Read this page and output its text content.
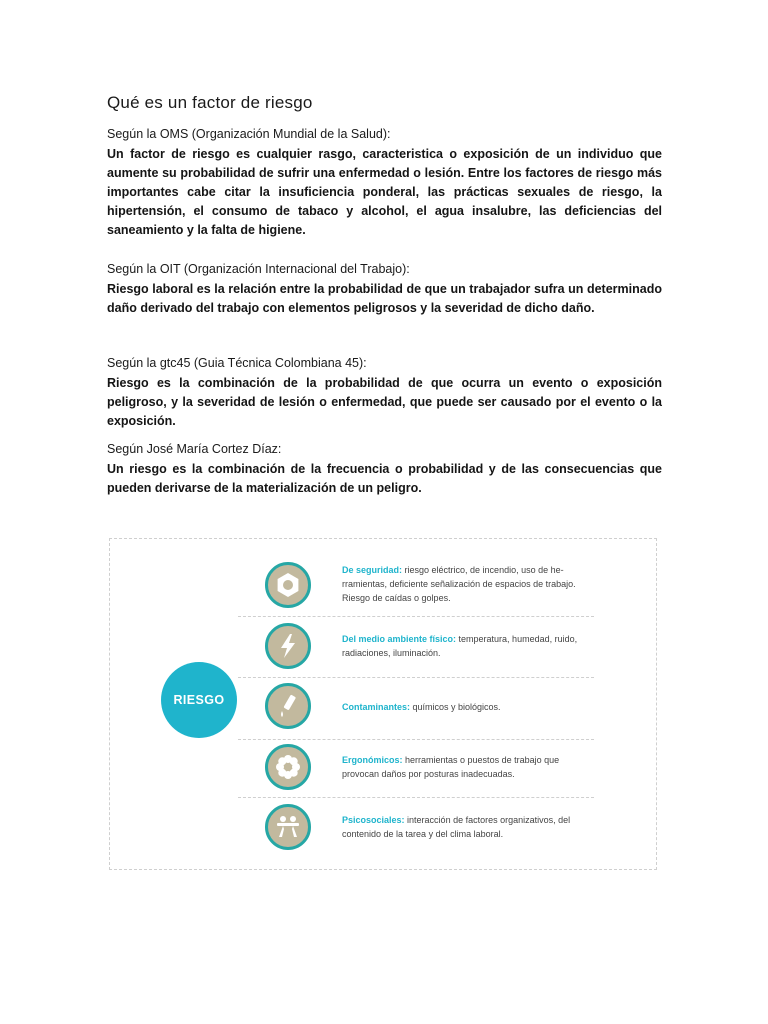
Qué es un factor de riesgo
Según la OMS (Organización Mundial de la Salud):
Un factor de riesgo es cualquier rasgo, caracteristica o exposición de un individuo que aumente su probabilidad de sufrir una enfermedad o lesión. Entre los factores de riesgo más importantes cabe citar la insuficiencia ponderal, las prácticas sexuales de riesgo, la hipertensión, el consumo de tabaco y alcohol, el agua insalubre, las deficiencias del saneamiento y la falta de higiene.
Según la OIT (Organización Internacional del Trabajo):
Riesgo laboral es la relación entre la probabilidad de que un trabajador sufra un determinado daño derivado del trabajo con elementos peligrosos y la severidad de dicho daño.
Según la gtc45 (Guia Técnica Colombiana 45):
Riesgo es la combinación de la probabilidad de que ocurra un evento o exposición peligroso, y la severidad de lesión o enfermedad, que puede ser causado por el evento o la exposición.
Según José María Cortez Díaz:
Un riesgo es la combinación de la frecuencia o probabilidad y de las consecuencias que pueden derivarse de la materialización de un peligro.
RIESGO
De seguridad: riesgo eléctrico, de incendio, uso de herramientas, deficiente señalización de espacios de trabajo. Riesgo de caídas o golpes.
Del medio ambiente físico: temperatura, humedad, ruido, radiaciones, iluminación.
Contaminantes: químicos y biológicos.
Ergonómicos: herramientas o puestos de trabajo que provocan daños por posturas inadecuadas.
Psicosociales: interacción de factores organizativos, del contenido de la tarea y del clima laboral.
